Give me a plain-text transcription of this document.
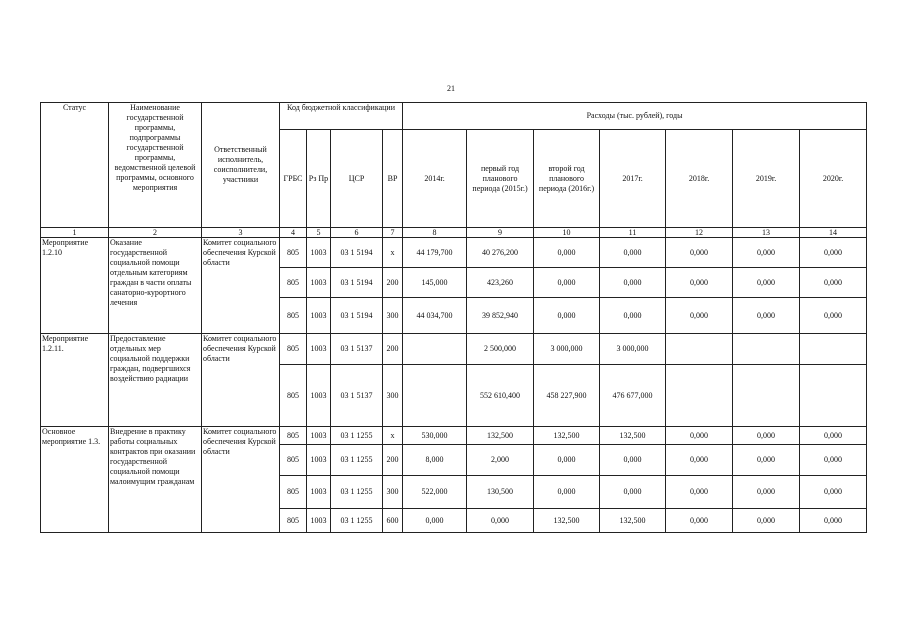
21
Статус	Наименование государственной программы, подпрограммы государственной программы, ведомственной целевой программы, основного мероприятия	Ответственный исполнитель, соисполнители, участники	Код бюджетной классификации				Расходы (тыс. рублей), годы						
			ГРБС	Рз Пр	ЦСР	ВР	2014г.	первый год планового периода (2015г.)	второй год планового периода (2016г.)	2017г.	2018г.	2019г.	2020г.
1	2	3	4	5	6	7	8	9	10	11	12	13	14
Мероприятие 1.2.10	Оказание государственной социальной помощи отдельным категориям граждан в части оплаты санаторно-курортного лечения	Комитет социального обеспечения Курской области	805	1003	03 1 5194	x	44 179,700	40 276,200	0,000	0,000	0,000	0,000	0,000
			805	1003	03 1 5194	200	145,000	423,260	0,000	0,000	0,000	0,000	0,000
			805	1003	03 1 5194	300	44 034,700	39 852,940	0,000	0,000	0,000	0,000	0,000
Мероприятие 1.2.11.	Предоставление отдельных мер социальной поддержки граждан, подвергшихся воздействию радиации	Комитет социального обеспечения Курской области	805	1003	03 1 5137	200		2 500,000	3 000,000	3 000,000			
			805	1003	03 1 5137	300		552 610,400	458 227,900	476 677,000			
Основное мероприятие 1.3.	Внедрение в практику работы социальных контрактов при оказании государственной социальной помощи малоимущим гражданам	Комитет социального обеспечения Курской области	805	1003	03 1 1255	x	530,000	132,500	132,500	132,500	0,000	0,000	0,000
			805	1003	03 1 1255	200	8,000	2,000	0,000	0,000	0,000	0,000	0,000
			805	1003	03 1 1255	300	522,000	130,500	0,000	0,000	0,000	0,000	0,000
			805	1003	03 1 1255	600	0,000	0,000	132,500	132,500	0,000	0,000	0,000
